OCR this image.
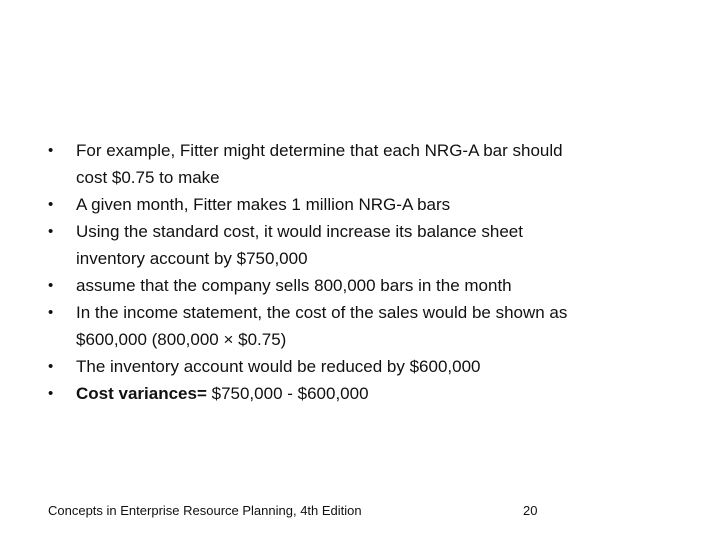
•	For example, Fitter might determine that each NRG-A bar should
cost $0.75 to make
•	A given month, Fitter makes 1 million NRG-A bars
•	Using the standard cost, it would increase its balance sheet
inventory account by $750,000
•	assume that the company sells 800,000 bars in the month
•	In the income statement, the cost of the sales would be shown as
$600,000 (800,000 × $0.75)
•	The inventory account would be reduced by $600,000
•	Cost variances= $750,000 - $600,000
Concepts in Enterprise Resource Planning, 4th Edition	20
